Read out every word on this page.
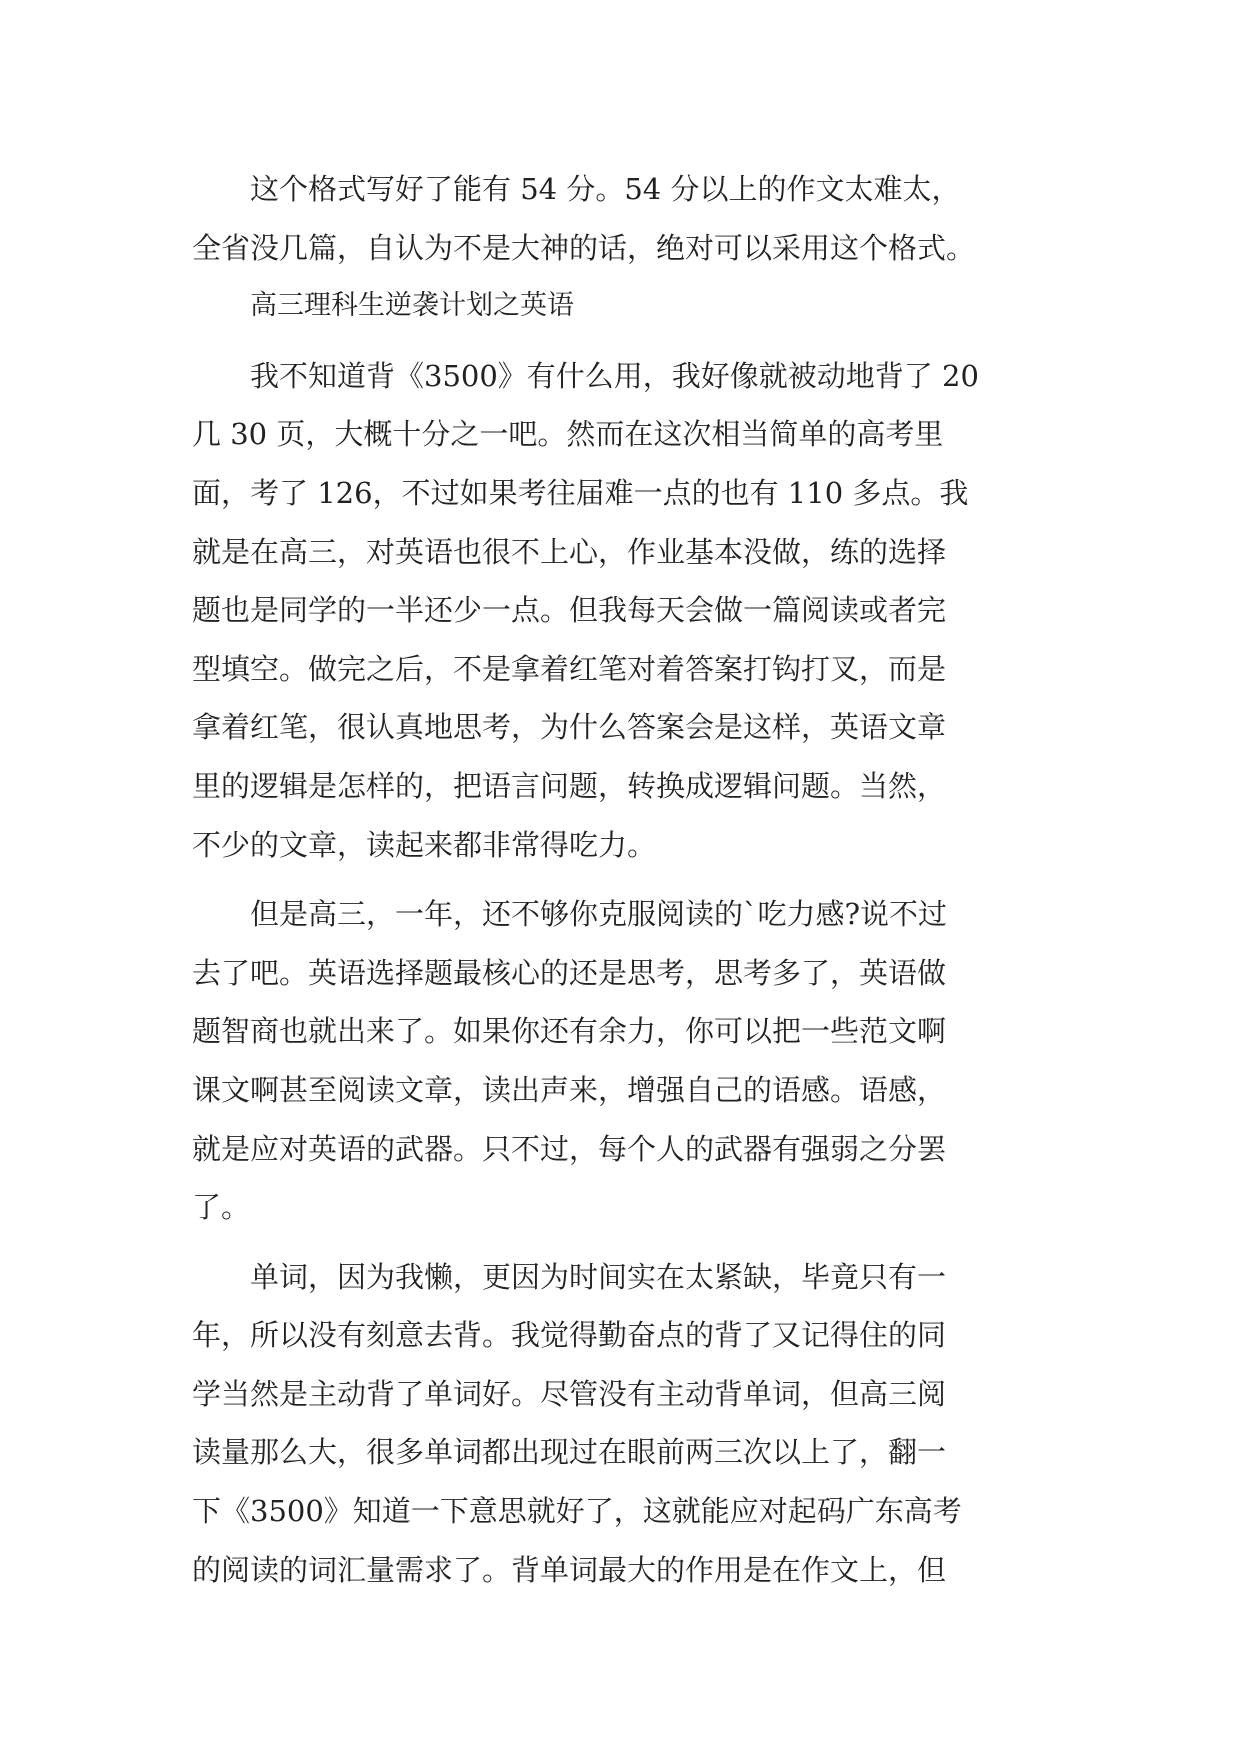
这个格式写好了能有 54 分。54 分以上的作文太难太，
全省没几篇，自认为不是大神的话，绝对可以采用这个格式。
高三理科生逆袭计划之英语
我不知道背《3500》有什么用，我好像就被动地背了 20
几 30 页，大概十分之一吧。然而在这次相当简单的高考里
面，考了 126，不过如果考往届难一点的也有 110 多点。我
就是在高三，对英语也很不上心，作业基本没做，练的选择
题也是同学的一半还少一点。但我每天会做一篇阅读或者完
型填空。做完之后，不是拿着红笔对着答案打钩打叉，而是
拿着红笔，很认真地思考，为什么答案会是这样，英语文章
里的逻辑是怎样的，把语言问题，转换成逻辑问题。当然，
不少的文章，读起来都非常得吃力。
但是高三，一年，还不够你克服阅读的`吃力感?说不过
去了吧。英语选择题最核心的还是思考，思考多了，英语做
题智商也就出来了。如果你还有余力，你可以把一些范文啊
课文啊甚至阅读文章，读出声来，增强自己的语感。语感，
就是应对英语的武器。只不过，每个人的武器有强弱之分罢
了。
单词，因为我懒，更因为时间实在太紧缺，毕竟只有一
年，所以没有刻意去背。我觉得勤奋点的背了又记得住的同
学当然是主动背了单词好。尽管没有主动背单词，但高三阅
读量那么大，很多单词都出现过在眼前两三次以上了，翻一
下《3500》知道一下意思就好了，这就能应对起码广东高考
的阅读的词汇量需求了。背单词最大的作用是在作文上，但
